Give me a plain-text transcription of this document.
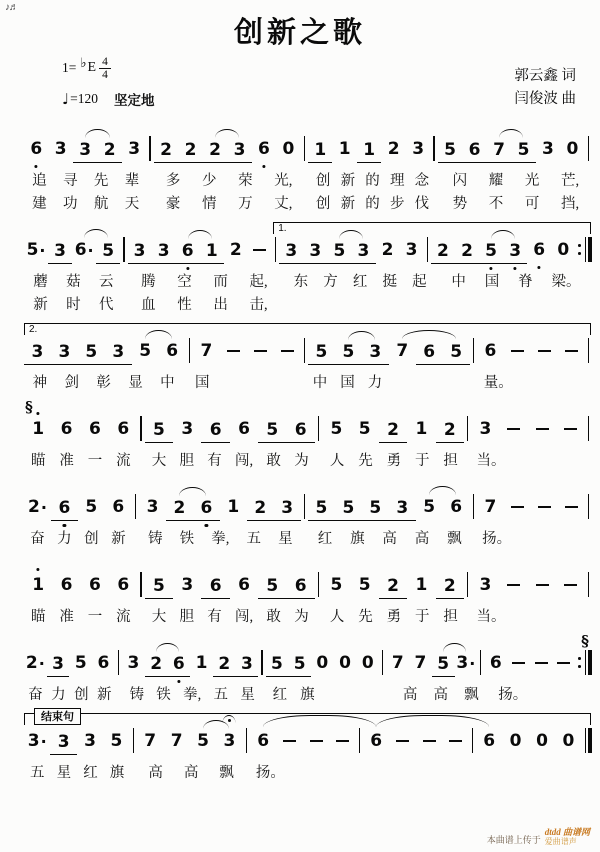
♪♬
创新之歌
1= ♭ E $\frac{4}{4}$
♩ =120 坚定地
郭云鑫 词
闫俊波 曲
6 3 3 2 3 2 2 2 3 6 0 1 1 1 2 3 5 6 7 5 3 0
追 寻 先 辈 多 少 荣 光, 创 新 的 理 念 闪 耀 光 芒,
建 功 航 天 豪 情 万 丈, 创 新 的 步 伐 势 不 可 挡,
5 · 3 6 · 5 3 3 6 1 2	3 3 5 3 2 3 2 2 5 3 6 0
蘑 菇 云 腾 空 而 起, 东 方 红 挺 起 中 国 脊 梁。
新 时 代 血 性 出 击,
1.
3 3 5 3 5 6 7	5 5 3 7 6 5 6
神 剑 彰 显 中 国	中 国 力	量。
2.
1 6 6 6 5 3 6 6 5 6 5 5 2 1 2 3
瞄 准 一 流 大 胆 有 闯, 敢 为 人 先 勇 于 担 当。
§
2 · 6 5 6 3 2 6 1 2 3 5 5 5 3 5 6 7
奋 力 创 新 铸 铁 拳, 五 星 红 旗 高 高 飘 扬。
1 6 6 6 5 3 6 6 5 6 5 5 2 1 2 3
瞄 准 一 流 大 胆 有 闯, 敢 为 人 先 勇 于 担 当。
2 · 3 5 6 3 2 6 1 2 3 5 5 0 0 0 7 7 5 3 · 6
奋 力 创 新 铸 铁 拳, 五 星 红 旗	高 高 飘 扬。
§
3 · 3 3 5 7 7 5 3 6	6	6 0 0 0
五 星 红 旗 高 高 飘 扬。
结束句
本曲谱上传于
dtdd 曲谱网
爱曲谱声
